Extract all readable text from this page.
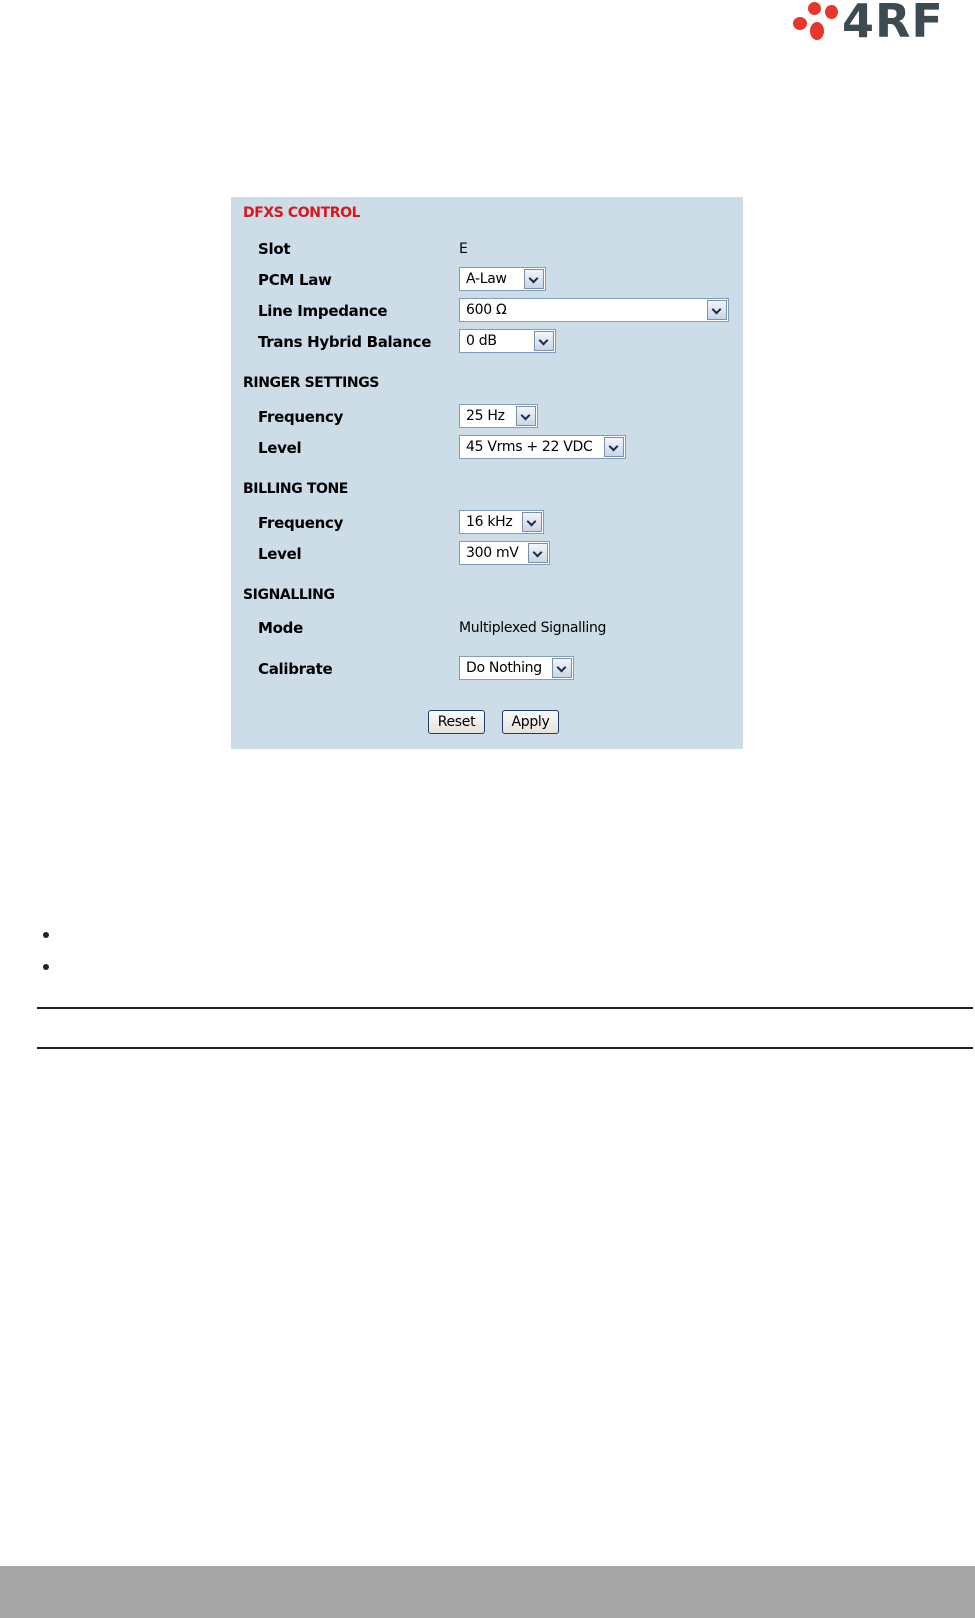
4RF
DFXS CONTROL
Slot	E
PCM Law	A-Law
Line Impedance	600 Ω
Trans Hybrid Balance 0 dB
RINGER SETTINGS
Frequency	25 Hz
Level	45 Vrms + 22 VDC
BILLING TONE
Frequency	16 kHz
Level	300 mV
SIGNALLING
Mode	Multiplexed Signalling
Calibrate	Do Nothing
Reset	Apply
